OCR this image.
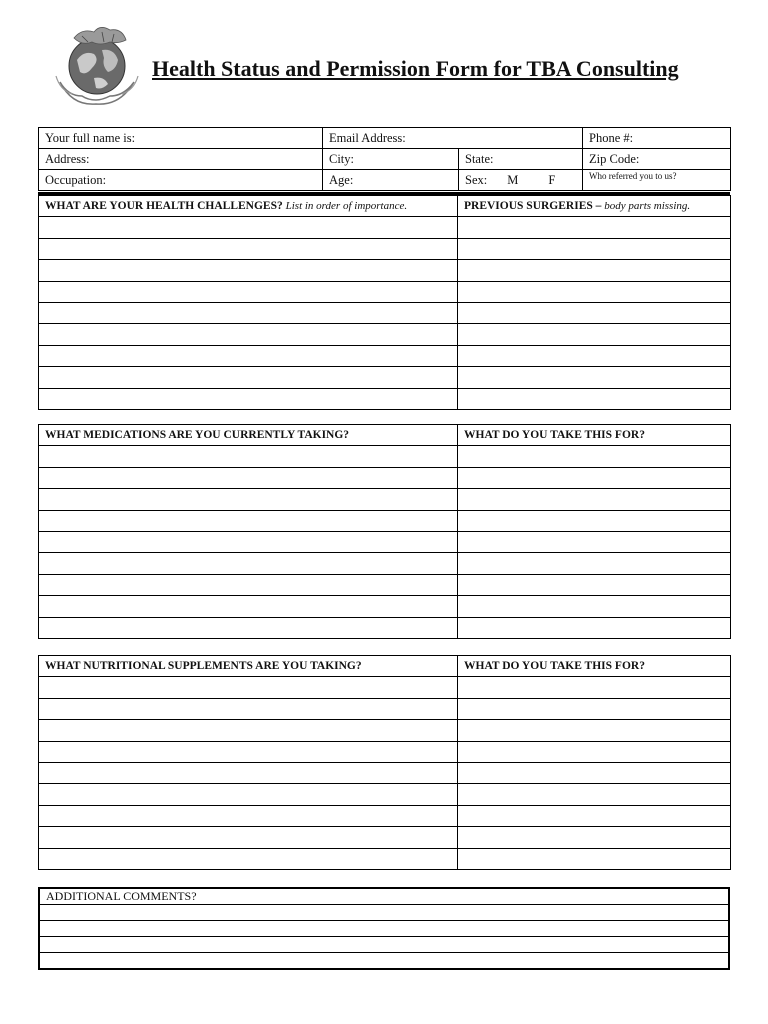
Health Status and Permission Form for TBA Consulting
Your full name is:	Email Address:		Phone #:
Address:	City:	State:	Zip Code:
Occupation:	Age:	Sex: M F	Who referred you to us?
WHAT ARE YOUR HEALTH CHALLENGES? List in order of importance.	PREVIOUS SURGERIES – body parts missing.

WHAT MEDICATIONS ARE YOU CURRENTLY TAKING?	WHAT DO YOU TAKE THIS FOR?

WHAT NUTRITIONAL SUPPLEMENTS ARE YOU TAKING?	WHAT DO YOU TAKE THIS FOR?

ADDITIONAL COMMENTS?
